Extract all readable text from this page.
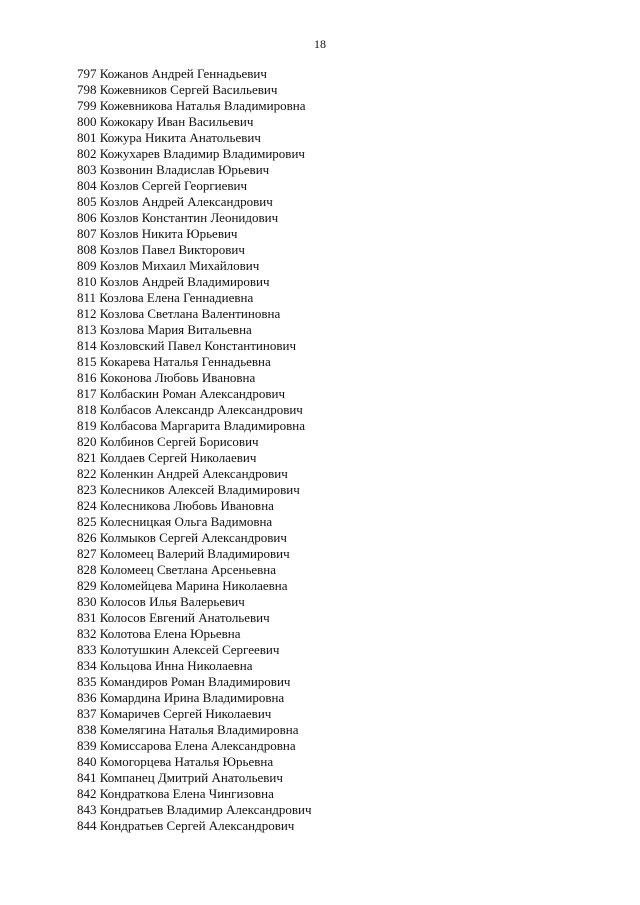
18
797 Кожанов Андрей Геннадьевич
798 Кожевников Сергей Васильевич
799 Кожевникова Наталья Владимировна
800 Кожокару Иван Васильевич
801 Кожура Никита Анатольевич
802 Кожухарев Владимир Владимирович
803 Козвонин Владислав Юрьевич
804 Козлов Сергей Георгиевич
805 Козлов Андрей Александрович
806 Козлов Константин Леонидович
807 Козлов Никита Юрьевич
808 Козлов Павел Викторович
809 Козлов Михаил Михайлович
810 Козлов Андрей Владимирович
811 Козлова Елена Геннадиевна
812 Козлова Светлана Валентиновна
813 Козлова Мария Витальевна
814 Козловский Павел Константинович
815 Кокарева Наталья Геннадьевна
816 Коконова Любовь Ивановна
817 Колбаскин Роман Александрович
818 Колбасов Александр Александрович
819 Колбасова Маргарита Владимировна
820 Колбинов Сергей Борисович
821 Колдаев Сергей Николаевич
822 Коленкин Андрей Александрович
823 Колесников Алексей Владимирович
824 Колесникова Любовь Ивановна
825 Колесницкая Ольга Вадимовна
826 Колмыков Сергей Александрович
827 Коломеец Валерий Владимирович
828 Коломеец Светлана Арсеньевна
829 Коломейцева Марина Николаевна
830 Колосов Илья Валерьевич
831 Колосов Евгений Анатольевич
832 Колотова Елена Юрьевна
833 Колотушкин Алексей Сергеевич
834 Кольцова Инна Николаевна
835 Командиров Роман Владимирович
836 Комардина Ирина Владимировна
837 Комаричев Сергей Николаевич
838 Комелягина Наталья Владимировна
839 Комиссарова Елена Александровна
840 Комогорцева Наталья Юрьевна
841 Компанец Дмитрий Анатольевич
842 Кондраткова Елена Чингизовна
843 Кондратьев Владимир Александрович
844 Кондратьев Сергей Александрович
